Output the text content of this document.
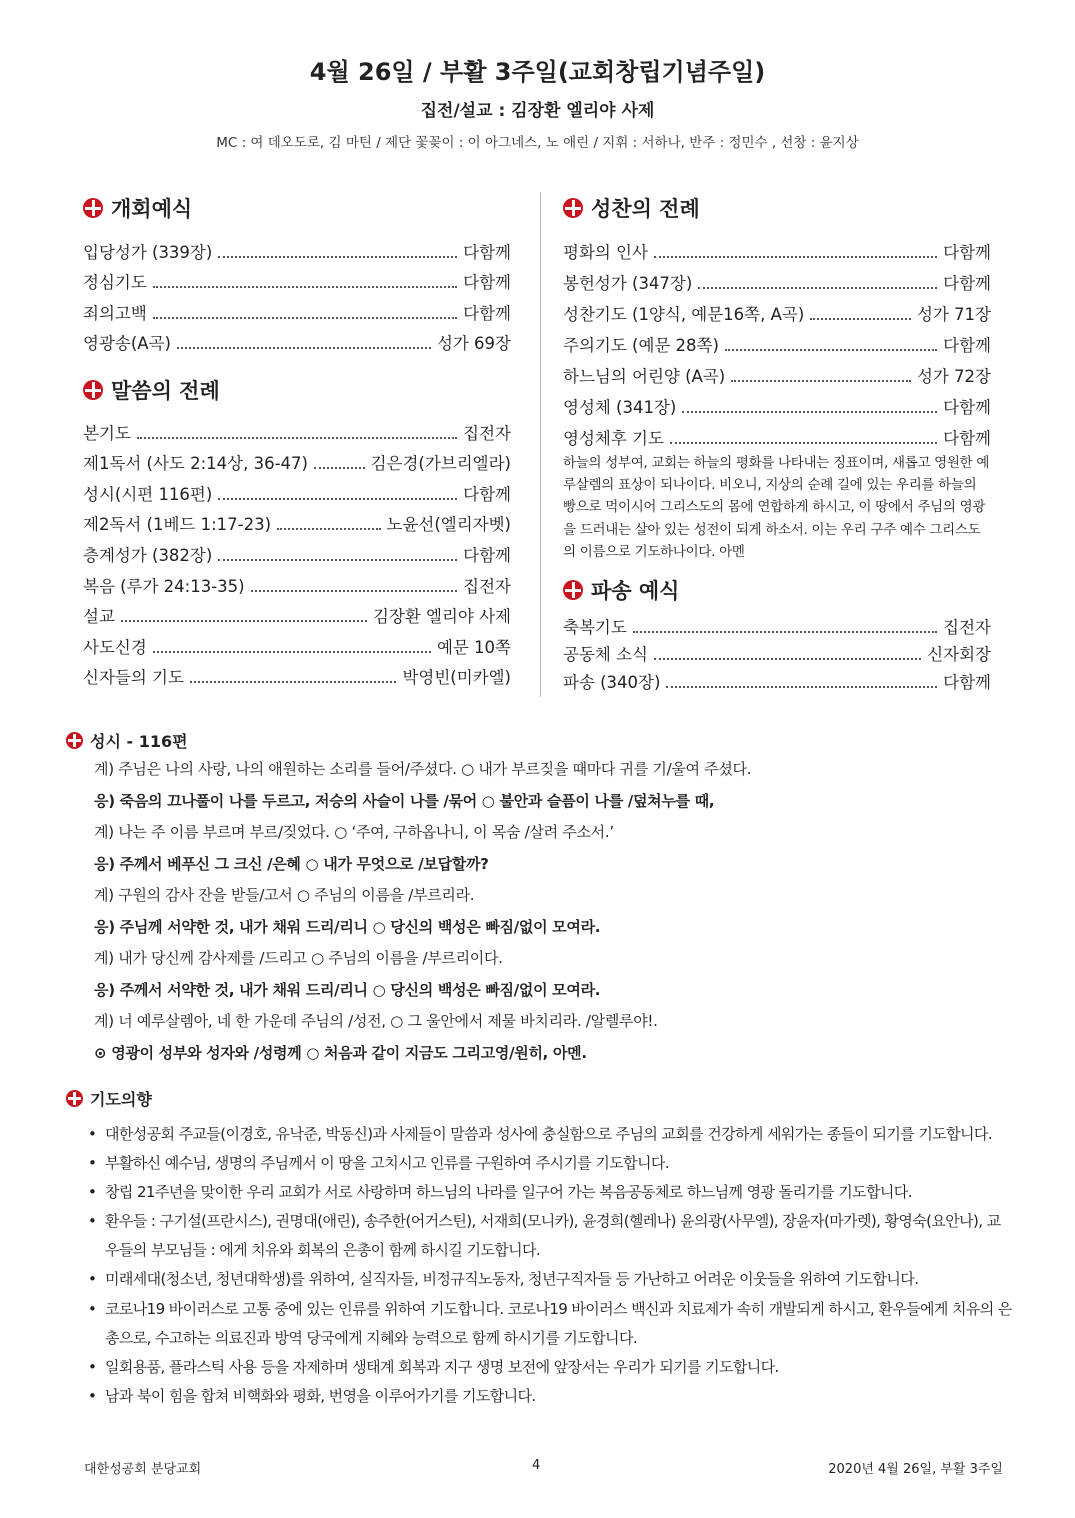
4월 26일 / 부활 3주일(교회창립기념주일)
집전/설교 : 김장환 엘리야 사제
MC : 여 데오도로, 김 마틴 / 제단 꽃꽂이 : 이 아그네스, 노 애린 / 지휘 : 서하나, 반주 : 정민수 , 선창 : 윤지상
개회예식
입당성가 (339장)	다함께
정심기도	다함께
죄의고백	다함께
영광송(A곡)	성가 69장
말씀의 전례
본기도	집전자
제1독서 (사도 2:14상, 36-47)	김은경(가브리엘라)
성시(시편 116편)	다함께
제2독서 (1베드 1:17-23)	노윤선(엘리자벳)
층계성가 (382장)	다함께
복음 (루가 24:13-35)	집전자
설교	김장환 엘리야 사제
사도신경	예문 10쪽
신자들의 기도	박영빈(미카엘)
성찬의 전례
평화의 인사	다함께
봉헌성가 (347장)	다함께
성찬기도 (1양식, 예문16쪽, A곡)	성가 71장
주의기도 (예문 28쪽)	다함께
하느님의 어린양 (A곡)	성가 72장
영성체 (341장)	다함께
영성체후 기도	다함께
하늘의 성부여, 교회는 하늘의 평화를 나타내는 징표이며, 새롭고 영원한 예루살렘의 표상이 되나이다. 비오니, 지상의 순례 길에 있는 우리를 하늘의 빵으로 먹이시어 그리스도의 몸에 연합하게 하시고, 이 땅에서 주님의 영광을 드러내는 살아 있는 성전이 되게 하소서. 이는 우리 구주 예수 그리스도의 이름으로 기도하나이다. 아멘
파송 예식
축복기도	집전자
공동체 소식	신자회장
파송 (340장)	다함께
성시 - 116편
계) 주님은 나의 사랑, 나의 애원하는 소리를 들어/주셨다. ○ 내가 부르짖을 때마다 귀를 기/울여 주셨다.
응) 죽음의 끄나풀이 나를 두르고, 저승의 사슬이 나를 /묶어 ○ 불안과 슬픔이 나를 /덮쳐누를 때,
계) 나는 주 이름 부르며 부르/짖었다. ○ ‘주여, 구하옵나니, 이 목숨 /살려 주소서.’
응) 주께서 베푸신 그 크신 /은혜 ○ 내가 무엇으로 /보답할까?
계) 구원의 감사 잔을 받들/고서 ○ 주님의 이름을 /부르리라.
응) 주님께 서약한 것, 내가 채워 드리/리니 ○ 당신의 백성은 빠짐/없이 모여라.
계) 내가 당신께 감사제를 /드리고 ○ 주님의 이름을 /부르리이다.
응) 주께서 서약한 것, 내가 채워 드리/리니 ○ 당신의 백성은 빠짐/없이 모여라.
계) 너 예루살렘아, 네 한 가운데 주님의 /성전, ○ 그 울안에서 제물 바치리라. /알렐루야!.
⊙ 영광이 성부와 성자와 /성령께 ○ 처음과 같이 지금도 그리고영/원히, 아멘.
기도의향
• 대한성공회 주교들(이경호, 유낙준, 박동신)과 사제들이 말씀과 성사에 충실함으로 주님의 교회를 건강하게 세워가는 종들이 되기를 기도합니다.
• 부활하신 예수님, 생명의 주님께서 이 땅을 고치시고 인류를 구원하여 주시기를 기도합니다.
• 창립 21주년을 맞이한 우리 교회가 서로 사랑하며 하느님의 나라를 일구어 가는 복음공동체로 하느님께 영광 돌리기를 기도합니다.
• 환우들 : 구기설(프란시스), 권명대(애린), 송주한(어거스틴), 서재희(모니카), 윤경희(헬레나) 윤의광(사무엘), 장윤자(마가렛), 황영숙(요안나), 교우들의 부모님들 : 에게 치유와 회복의 은총이 함께 하시길 기도합니다.
• 미래세대(청소년, 청년대학생)를 위하여, 실직자들, 비정규직노동자, 청년구직자들 등 가난하고 어려운 이웃들을 위하여 기도합니다.
• 코로나19 바이러스로 고통 중에 있는 인류를 위하여 기도합니다. 코로나19 바이러스 백신과 치료제가 속히 개발되게 하시고, 환우들에게 치유의 은총으로, 수고하는 의료진과 방역 당국에게 지혜와 능력으로 함께 하시기를 기도합니다.
• 일회용품, 플라스틱 사용 등을 자제하며 생태계 회복과 지구 생명 보전에 앞장서는 우리가 되기를 기도합니다.
• 남과 북이 힘을 합쳐 비핵화와 평화, 번영을 이루어가기를 기도합니다.
대한성공회 분당교회	4	2020년 4월 26일, 부활 3주일
